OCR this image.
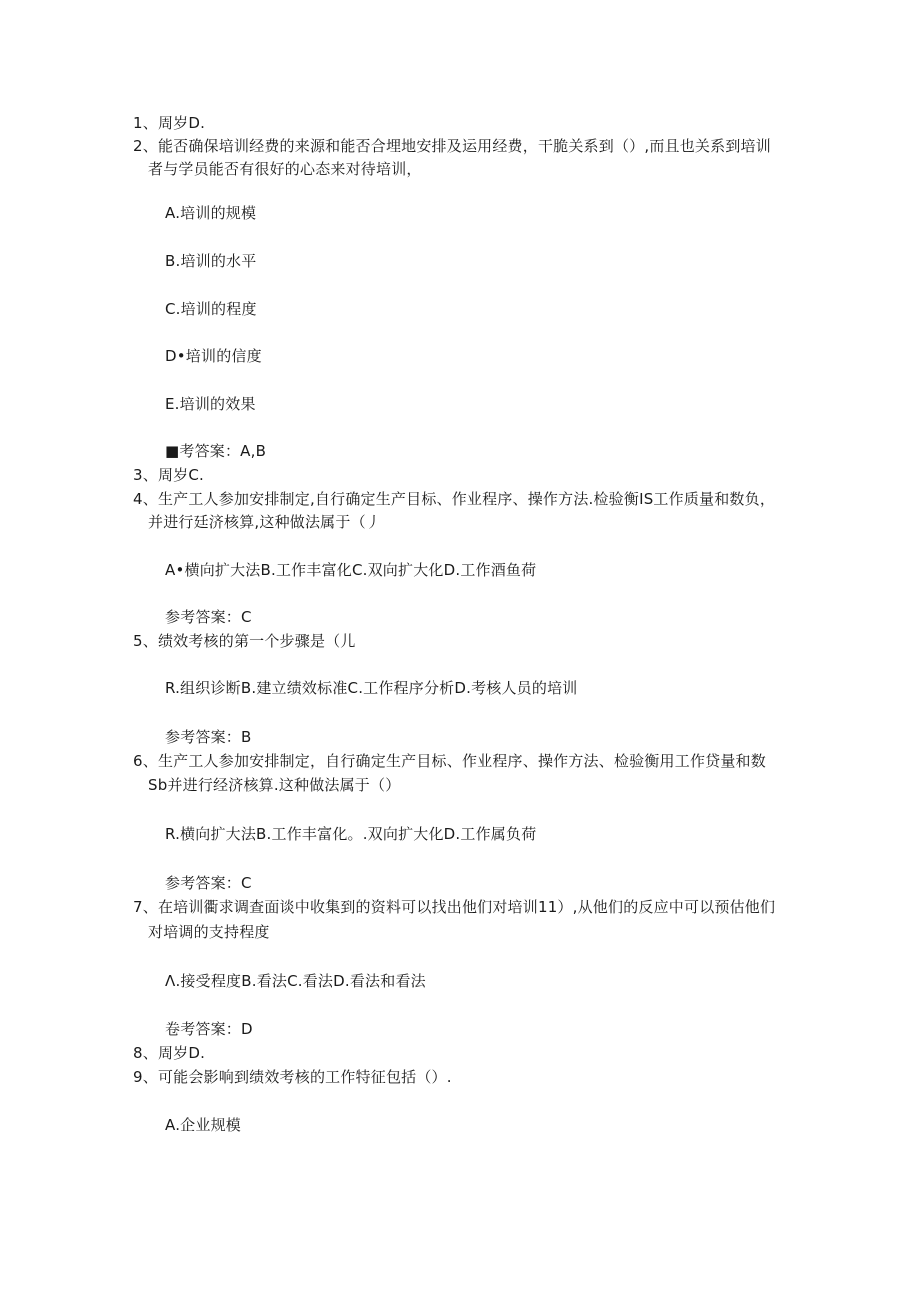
1、周岁D.
2、能否确保培训经费的来源和能否合埋地安排及运用经费，干脆关系到（）,而且也关系到培训
者与学员能否有很好的心态来对待培训，
A.培训的规模
B.培训的水平
C.培训的程度
D•培训的信度
E.培训的效果
■考答案：A,B
3、周岁C.
4、生产工人参加安排制定,自行确定生产目标、作业程序、操作方法.检验衡IS工作质量和数负，
并进行廷济核算,这种做法属于（丿
A•横向扩大法B.工作丰富化C.双向扩大化D.工作酒鱼荷
参考答案：C
5、绩效考核的第一个步骤是（儿
R.组织诊断B.建立绩效标准C.工作程序分析D.考核人员的培训
参考答案：B
6、生产工人参加安排制定，自行确定生产目标、作业程序、操作方法、检验衡用工作贷量和数
Sb并进行经济核算.这种做法属于（）
R.横向扩大法B.工作丰富化。.双向扩大化D.工作属负荷
参考答案：C
7、在培训衢求调查面谈中收集到的资料可以找出他们对培训11）,从他们的反应中可以预估他们
对培调的支持程度
Λ.接受程度B.看法C.看法D.看法和看法
卷考答案：D
8、周岁D.
9、可能会影响到绩效考核的工作特征包括（）.
A.企业规模
